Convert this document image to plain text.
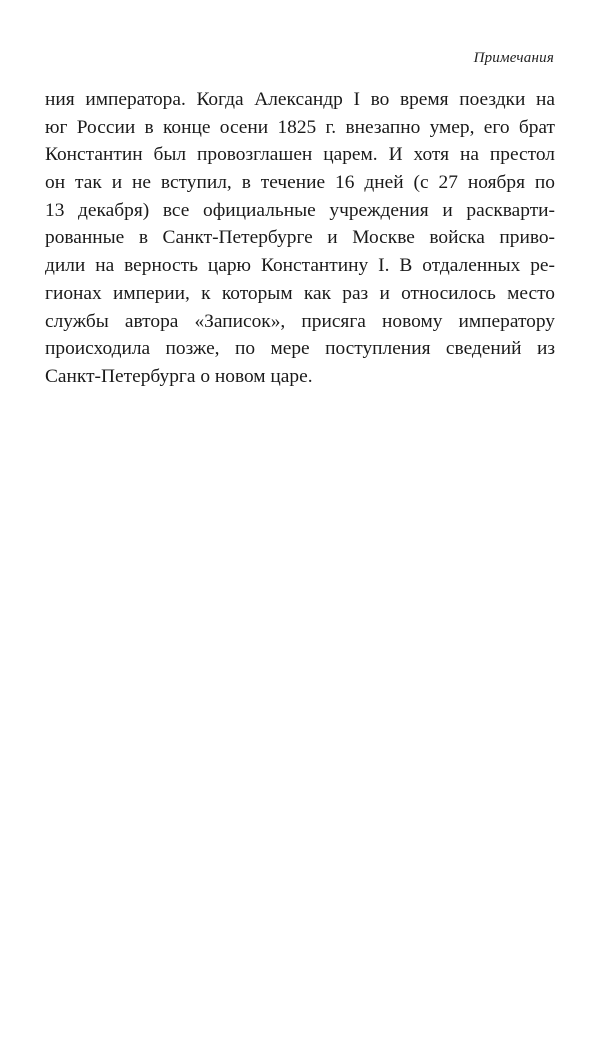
Примечания

ния императора. Когда Александр I во время поездки на
юг России в конце осени 1825 г. внезапно умер, его брат
Константин был провозглашен царем. И хотя на престол
он так и не вступил, в течение 16 дней (с 27 ноября по
13 декабря) все официальные учреждения и раскварти-
рованные в Санкт-Петербурге и Москве войска приво-
дили на верность царю Константину I. В отдаленных ре-
гионах империи, к которым как раз и относилось место
службы автора «Записок», присяга новому императору
происходила позже, по мере поступления сведений из
Санкт-Петербурга о новом царе.
